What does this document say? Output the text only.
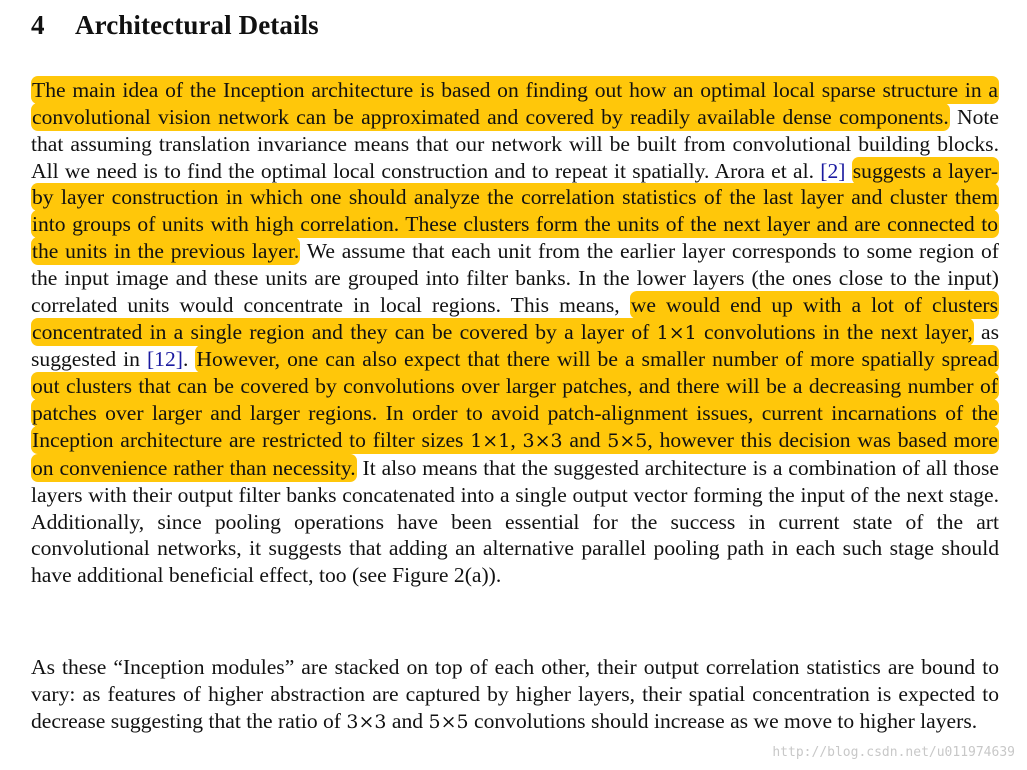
4 Architectural Details

The main idea of the Inception architecture is based on finding out how an optimal local sparse structure in a convolutional vision network can be approximated and covered by readily available dense components. Note that assuming translation invariance means that our network will be built from convolutional building blocks. All we need is to find the optimal local construction and to repeat it spatially. Arora et al. [2] suggests a layer-by layer construction in which one should analyze the correlation statistics of the last layer and cluster them into groups of units with high correlation. These clusters form the units of the next layer and are connected to the units in the previous layer. We assume that each unit from the earlier layer corresponds to some region of the input image and these units are grouped into filter banks. In the lower layers (the ones close to the input) correlated units would concentrate in local regions. This means, we would end up with a lot of clusters concentrated in a single region and they can be covered by a layer of 1×1 convolutions in the next layer, as suggested in [12]. However, one can also expect that there will be a smaller number of more spatially spread out clusters that can be covered by convolutions over larger patches, and there will be a decreasing number of patches over larger and larger regions. In order to avoid patch-alignment issues, current incarnations of the Inception architecture are restricted to filter sizes 1×1, 3×3 and 5×5, however this decision was based more on convenience rather than necessity. It also means that the suggested architecture is a combination of all those layers with their output filter banks concatenated into a single output vector forming the input of the next stage. Additionally, since pooling operations have been essential for the success in current state of the art convolutional networks, it suggests that adding an alternative parallel pooling path in each such stage should have additional beneficial effect, too (see Figure 2(a)).

As these “Inception modules” are stacked on top of each other, their output correlation statistics are bound to vary: as features of higher abstraction are captured by higher layers, their spatial concentration is expected to decrease suggesting that the ratio of 3×3 and 5×5 convolutions should increase as we move to higher layers.

http://blog.csdn.net/u011974639
